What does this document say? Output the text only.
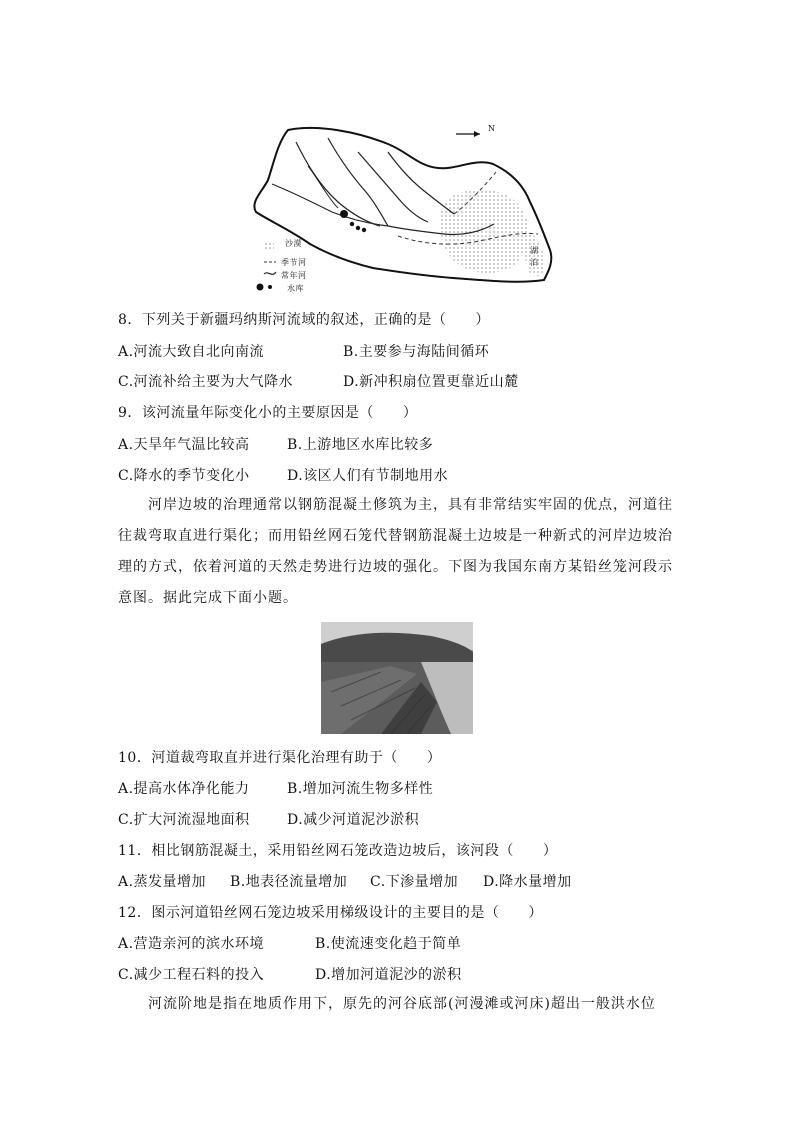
N
沙漠
季节河
常年河
水库
湖泊
8．下列关于新疆玛纳斯河流域的叙述，正确的是（　　）
A.河流大致自北向南流	B.主要参与海陆间循环
C.河流补给主要为大气降水	D.新冲积扇位置更靠近山麓
9．该河流量年际变化小的主要原因是（　　）
A.天旱年气温比较高	B.上游地区水库比较多
C.降水的季节变化小	D.该区人们有节制地用水
河岸边坡的治理通常以钢筋混凝土修筑为主，具有非常结实牢固的优点，河道往往裁弯取直进行渠化；而用铅丝网石笼代替钢筋混凝土边坡是一种新式的河岸边坡治理的方式，依着河道的天然走势进行边坡的强化。下图为我国东南方某铅丝笼河段示意图。据此完成下面小题。
10．河道裁弯取直并进行渠化治理有助于（　　）
A.提高水体净化能力	B.增加河流生物多样性
C.扩大河流湿地面积	D.减少河道泥沙淤积
11．相比钢筋混凝土，采用铅丝网石笼改造边坡后，该河段（　　）
A.蒸发量增加 B.地表径流量增加 C.下渗量增加 D.降水量增加
12．图示河道铅丝网石笼边坡采用梯级设计的主要目的是（　　）
A.营造亲河的滨水环境	B.使流速变化趋于简单
C.减少工程石料的投入	D.增加河道泥沙的淤积
河流阶地是指在地质作用下，原先的河谷底部(河漫滩或河床)超出一般洪水位
